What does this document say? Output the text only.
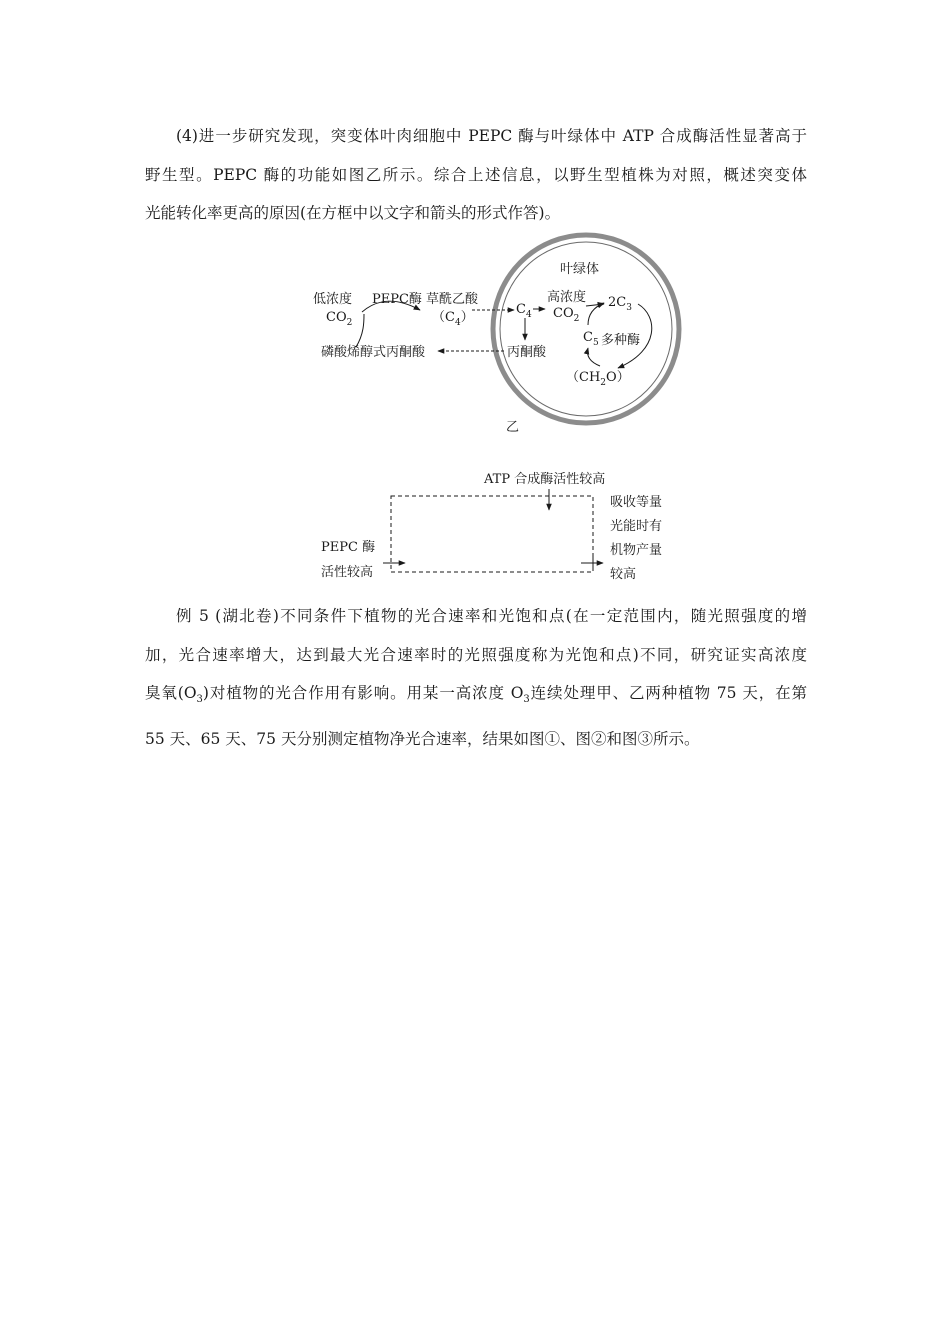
(4)进一步研究发现，突变体叶肉细胞中 PEPC 酶与叶绿体中 ATP 合成酶活性显著高于
野生型。PEPC 酶的功能如图乙所示。综合上述信息，以野生型植株为对照，概述突变体
光能转化率更高的原因(在方框中以文字和箭头的形式作答)。
叶绿体
低浓度
$CO_2$
PEPC酶 草酰乙酸
$(C_4)$
$C_4$
高浓度
$CO_2$
$2C_3$
$C_5$ 多种酶
$(CH_2O)$
丙酮酸
磷酸烯醇式丙酮酸
乙
ATP 合成酶活性较高
PEPC 酶
活性较高
吸收等量
光能时有
机物产量
较高
例 5 (湖北卷)不同条件下植物的光合速率和光饱和点(在一定范围内，随光照强度的增
加，光合速率增大，达到最大光合速率时的光照强度称为光饱和点)不同，研究证实高浓度
臭氧$(O_3)$对植物的光合作用有影响。用某一高浓度 $O_3$连续处理甲、乙两种植物 75 天，在第
55 天、65 天、75 天分别测定植物净光合速率，结果如图①、图②和图③所示。
